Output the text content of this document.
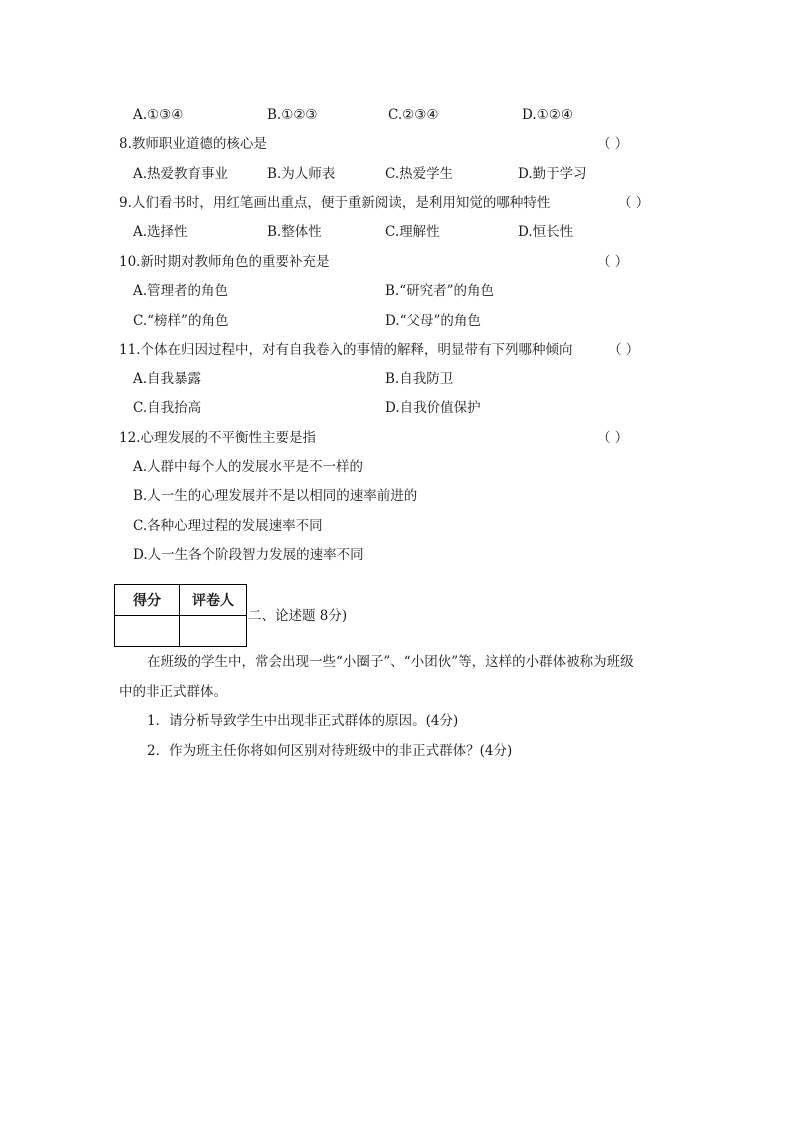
A.①③④	B.①②③	C.②③④	D.①②④
8.教师职业道德的核心是	（ ）
A.热爱教育事业	B.为人师表	C.热爱学生	D.勤于学习
9.人们看书时，用红笔画出重点，便于重新阅读，是利用知觉的哪种特性	（ ）
A.选择性	B.整体性	C.理解性	D.恒长性
10.新时期对教师角色的重要补充是	（ ）
A.管理者的角色	B.“研究者”的角色
C.“榜样”的角色	D.“父母”的角色
11.个体在归因过程中，对有自我卷入的事情的解释，明显带有下列哪种倾向	（ ）
A.自我暴露	B.自我防卫
C.自我抬高	D.自我价值保护
12.心理发展的不平衡性主要是指	（ ）
A.人群中每个人的发展水平是不一样的
B.人一生的心理发展并不是以相同的速率前进的
C.各种心理过程的发展速率不同
D.人一生各个阶段智力发展的速率不同
得分	评卷人

二、论述题 8分)
在班级的学生中，常会出现一些“小圈子”、“小团伙”等，这样的小群体被称为班级
中的非正式群体。
1．请分析导致学生中出现非正式群体的原因。(4分)
2．作为班主任你将如何区别对待班级中的非正式群体？(4分)
